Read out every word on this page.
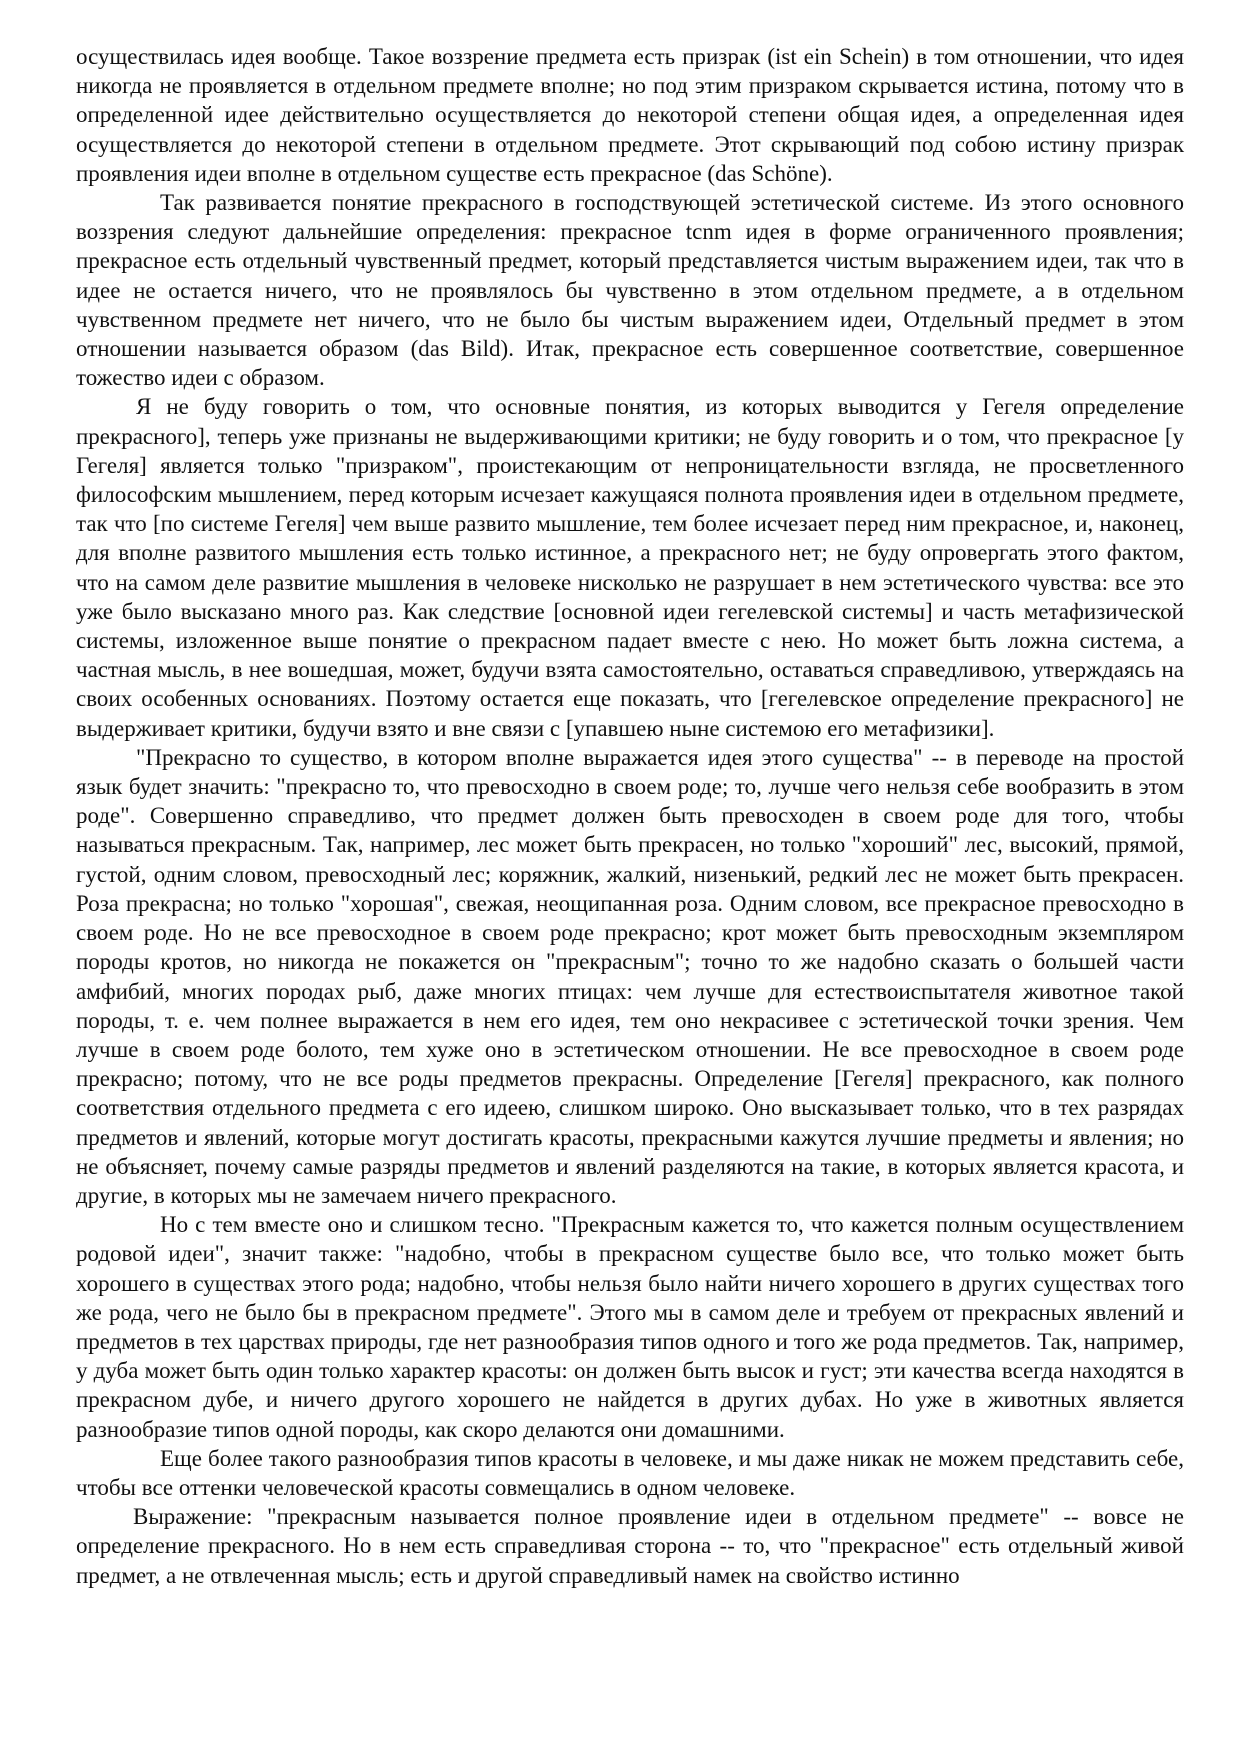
осуществилась идея вообще. Такое воззрение предмета есть призрак (ist ein Schein) в том отношении, что идея никогда не проявляется в отдельном предмете вполне; но под этим призраком скрывается истина, потому что в определенной идее действительно осуществляется до некоторой степени общая идея, а определенная идея осуществляется до некоторой степени в отдельном предмете. Этот скрывающий под собою истину призрак проявления идеи вполне в отдельном существе есть прекрасное (das Schöne).

Так развивается понятие прекрасного в господствующей эстетической системе. Из этого основного воззрения следуют дальнейшие определения: прекрасное tcnm идея в форме ограниченного проявления; прекрасное есть отдельный чувственный предмет, который представляется чистым выражением идеи, так что в идее не остается ничего, что не проявлялось бы чувственно в этом отдельном предмете, а в отдельном чувственном предмете нет ничего, что не было бы чистым выражением идеи, Отдельный предмет в этом отношении называется образом (das Bild). Итак, прекрасное есть совершенное соответствие, совершенное тожество идеи с образом.

Я не буду говорить о том, что основные понятия, из которых выводится у Гегеля определение прекрасного], теперь уже признаны не выдерживающими критики; не буду говорить и о том, что прекрасное [у Гегеля] является только "призраком", проистекающим от непроницательности взгляда, не просветленного философским мышлением, перед которым исчезает кажущаяся полнота проявления идеи в отдельном предмете, так что [по системе Гегеля] чем выше развито мышление, тем более исчезает перед ним прекрасное, и, наконец, для вполне развитого мышления есть только истинное, а прекрасного нет; не буду опровергать этого фактом, что на самом деле развитие мышления в человеке нисколько не разрушает в нем эстетического чувства: все это уже было высказано много раз. Как следствие [основной идеи гегелевской системы] и часть метафизической системы, изложенное выше понятие о прекрасном падает вместе с нею. Но может быть ложна система, а частная мысль, в нее вошедшая, может, будучи взята самостоятельно, оставаться справедливою, утверждаясь на своих особенных основаниях. Поэтому остается еще показать, что [гегелевское определение прекрасного] не выдерживает критики, будучи взято и вне связи с [упавшею ныне системою его метафизики].

"Прекрасно то существо, в котором вполне выражается идея этого существа" -- в переводе на простой язык будет значить: "прекрасно то, что превосходно в своем роде; то, лучше чего нельзя себе вообразить в этом роде". Совершенно справедливо, что предмет должен быть превосходен в своем роде для того, чтобы называться прекрасным. Так, например, лес может быть прекрасен, но только "хороший" лес, высокий, прямой, густой, одним словом, превосходный лес; коряжник, жалкий, низенький, редкий лес не может быть прекрасен. Роза прекрасна; но только "хорошая", свежая, неощипанная роза. Одним словом, все прекрасное превосходно в своем роде. Но не все превосходное в своем роде прекрасно; крот может быть превосходным экземпляром породы кротов, но никогда не покажется он "прекрасным"; точно то же надобно сказать о большей части амфибий, многих породах рыб, даже многих птицах: чем лучше для естествоиспытателя животное такой породы, т. е. чем полнее выражается в нем его идея, тем оно некрасивее с эстетической точки зрения. Чем лучше в своем роде болото, тем хуже оно в эстетическом отношении. Не все превосходное в своем роде прекрасно; потому, что не все роды предметов прекрасны. Определение [Гегеля] прекрасного, как полного соответствия отдельного предмета с его идеею, слишком широко. Оно высказывает только, что в тех разрядах предметов и явлений, которые могут достигать красоты, прекрасными кажутся лучшие предметы и явления; но не объясняет, почему самые разряды предметов и явлений разделяются на такие, в которых является красота, и другие, в которых мы не замечаем ничего прекрасного.

Но с тем вместе оно и слишком тесно. "Прекрасным кажется то, что кажется полным осуществлением родовой идеи", значит также: "надобно, чтобы в прекрасном существе было все, что только может быть хорошего в существах этого рода; надобно, чтобы нельзя было найти ничего хорошего в других существах того же рода, чего не было бы в прекрасном предмете". Этого мы в самом деле и требуем от прекрасных явлений и предметов в тех царствах природы, где нет разнообразия типов одного и того же рода предметов. Так, например, у дуба может быть один только характер красоты: он должен быть высок и густ; эти качества всегда находятся в прекрасном дубе, и ничего другого хорошего не найдется в других дубах. Но уже в животных является разнообразие типов одной породы, как скоро делаются они домашними.

Еще более такого разнообразия типов красоты в человеке, и мы даже никак не можем представить себе, чтобы все оттенки человеческой красоты совмещались в одном человеке.

Выражение: "прекрасным называется полное проявление идеи в отдельном предмете" -- вовсе не определение прекрасного. Но в нем есть справедливая сторона -- то, что "прекрасное" есть отдельный живой предмет, а не отвлеченная мысль; есть и другой справедливый намек на свойство истинно
